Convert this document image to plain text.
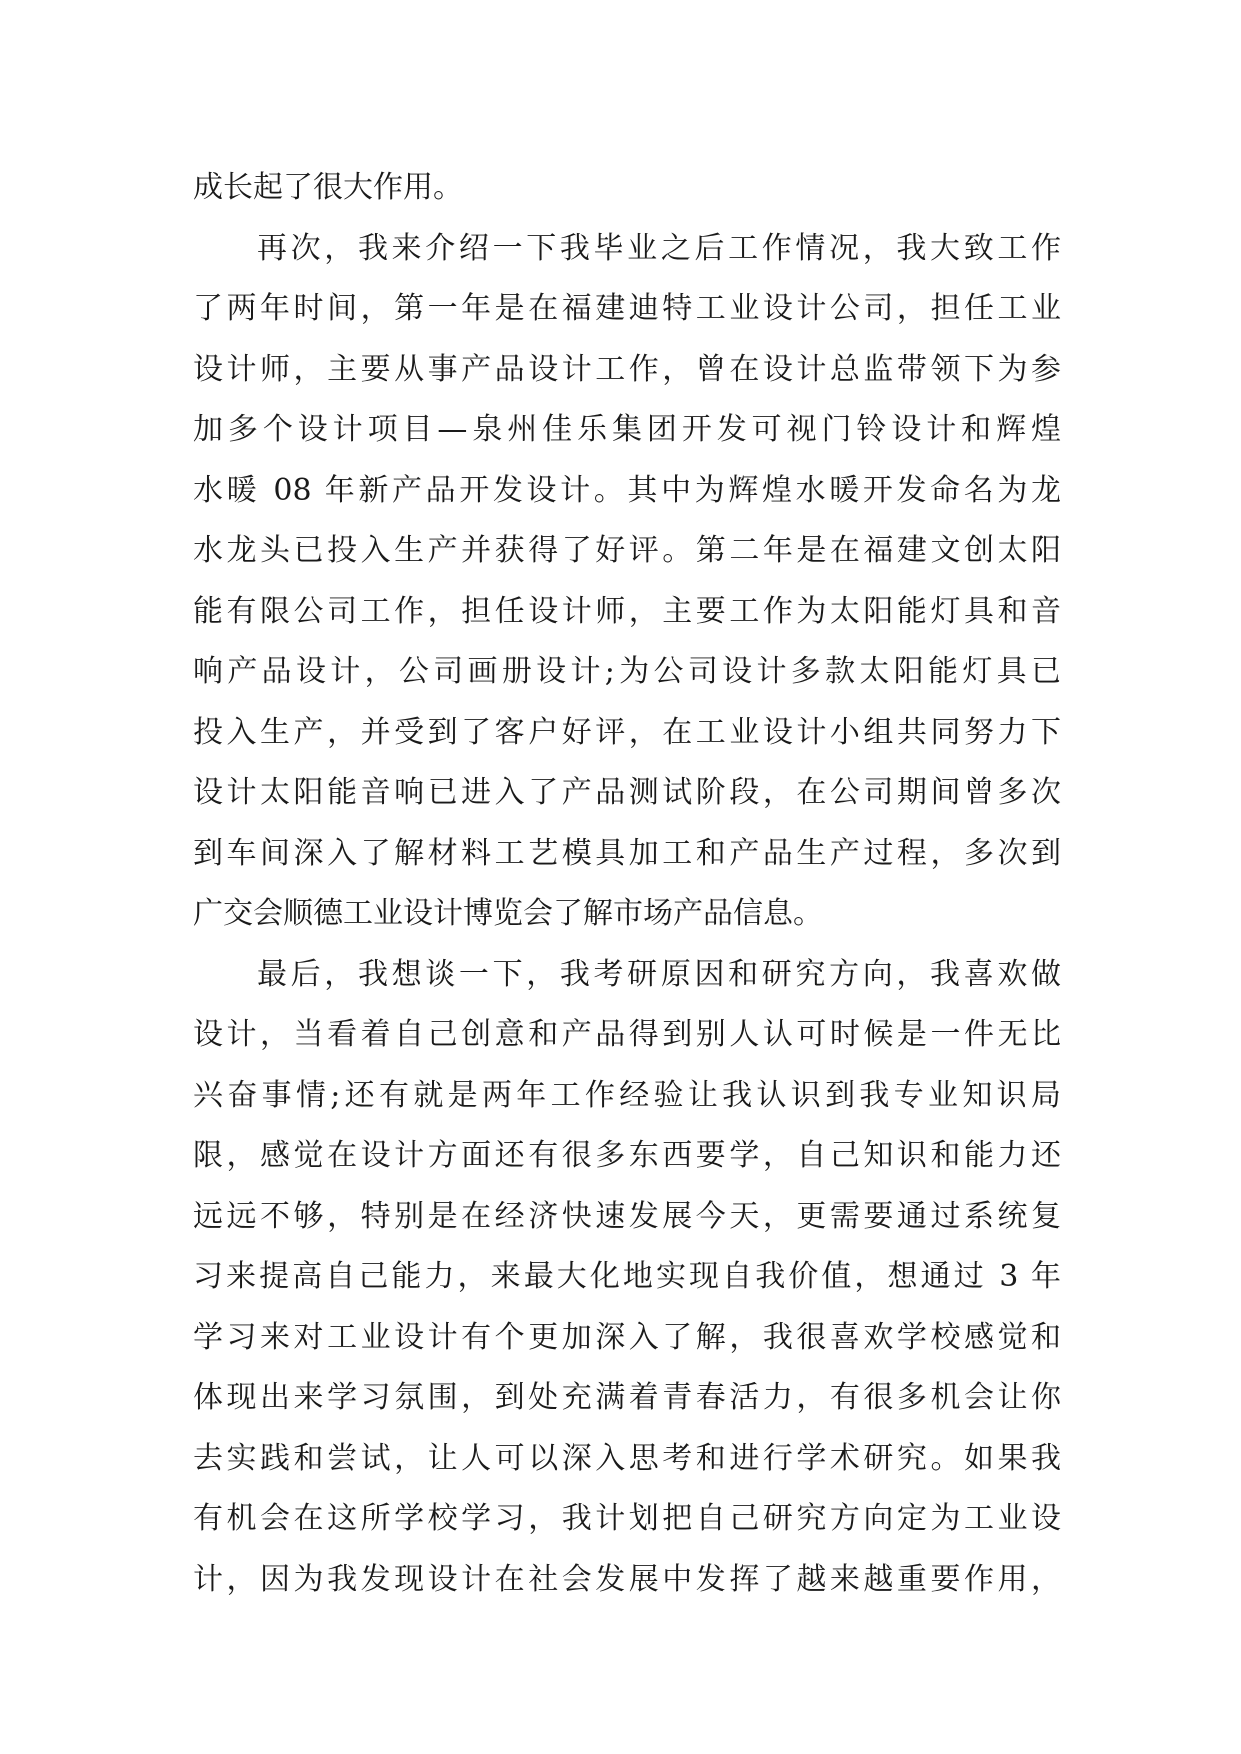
成长起了很大作用。
再次，我来介绍一下我毕业之后工作情况，我大致工作
了两年时间，第一年是在福建迪特工业设计公司，担任工业
设计师，主要从事产品设计工作，曾在设计总监带领下为参
加多个设计项目—泉州佳乐集团开发可视门铃设计和辉煌
水暖 08 年新产品开发设计。其中为辉煌水暖开发命名为龙
水龙头已投入生产并获得了好评。第二年是在福建文创太阳
能有限公司工作，担任设计师，主要工作为太阳能灯具和音
响产品设计，公司画册设计;为公司设计多款太阳能灯具已
投入生产，并受到了客户好评，在工业设计小组共同努力下
设计太阳能音响已进入了产品测试阶段，在公司期间曾多次
到车间深入了解材料工艺模具加工和产品生产过程，多次到
广交会顺德工业设计博览会了解市场产品信息。
最后，我想谈一下，我考研原因和研究方向，我喜欢做
设计，当看着自己创意和产品得到别人认可时候是一件无比
兴奋事情;还有就是两年工作经验让我认识到我专业知识局
限，感觉在设计方面还有很多东西要学，自己知识和能力还
远远不够，特别是在经济快速发展今天，更需要通过系统复
习来提高自己能力，来最大化地实现自我价值，想通过 3 年
学习来对工业设计有个更加深入了解，我很喜欢学校感觉和
体现出来学习氛围，到处充满着青春活力，有很多机会让你
去实践和尝试，让人可以深入思考和进行学术研究。如果我
有机会在这所学校学习，我计划把自己研究方向定为工业设
计，因为我发现设计在社会发展中发挥了越来越重要作用，
